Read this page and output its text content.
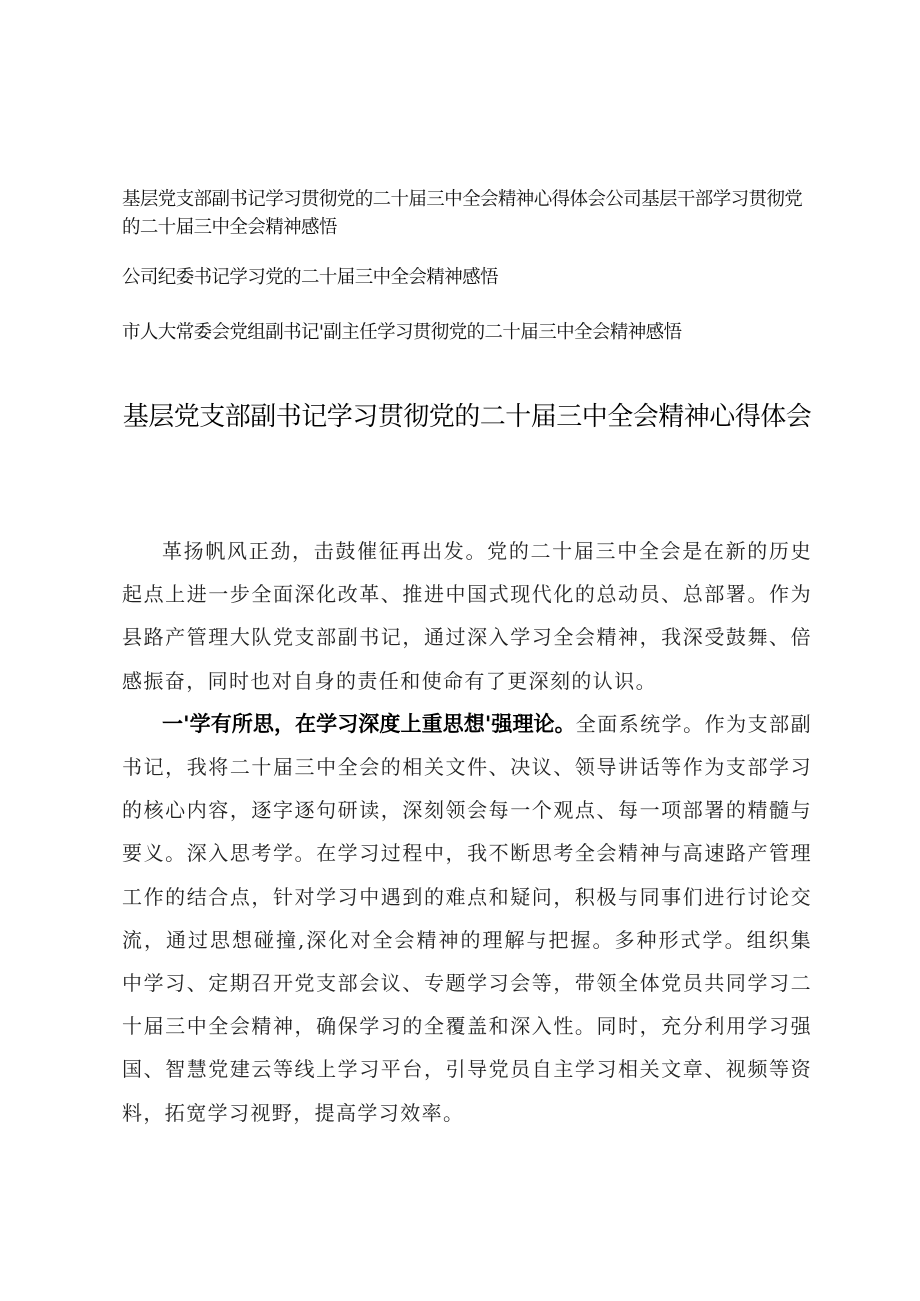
基层党支部副书记学习贯彻党的二十届三中全会精神心得体会公司基层干部学习贯彻党的二十届三中全会精神感悟

公司纪委书记学习党的二十届三中全会精神感悟

市人大常委会党组副书记'副主任学习贯彻党的二十届三中全会精神感悟

基层党支部副书记学习贯彻党的二十届三中全会精神心得体会

革扬帆风正劲，击鼓催征再出发。党的二十届三中全会是在新的历史起点上进一步全面深化改革、推进中国式现代化的总动员、总部署。作为县路产管理大队党支部副书记，通过深入学习全会精神，我深受鼓舞、倍感振奋，同时也对自身的责任和使命有了更深刻的认识。

一'学有所思，在学习深度上重思想'强理论。全面系统学。作为支部副书记，我将二十届三中全会的相关文件、决议、领导讲话等作为支部学习的核心内容，逐字逐句研读，深刻领会每一个观点、每一项部署的精髓与要义。深入思考学。在学习过程中，我不断思考全会精神与高速路产管理工作的结合点，针对学习中遇到的难点和疑问，积极与同事们进行讨论交流，通过思想碰撞,深化对全会精神的理解与把握。多种形式学。组织集中学习、定期召开党支部会议、专题学习会等，带领全体党员共同学习二十届三中全会精神，确保学习的全覆盖和深入性。同时，充分利用学习强国、智慧党建云等线上学习平台，引导党员自主学习相关文章、视频等资料，拓宽学习视野，提高学习效率。
